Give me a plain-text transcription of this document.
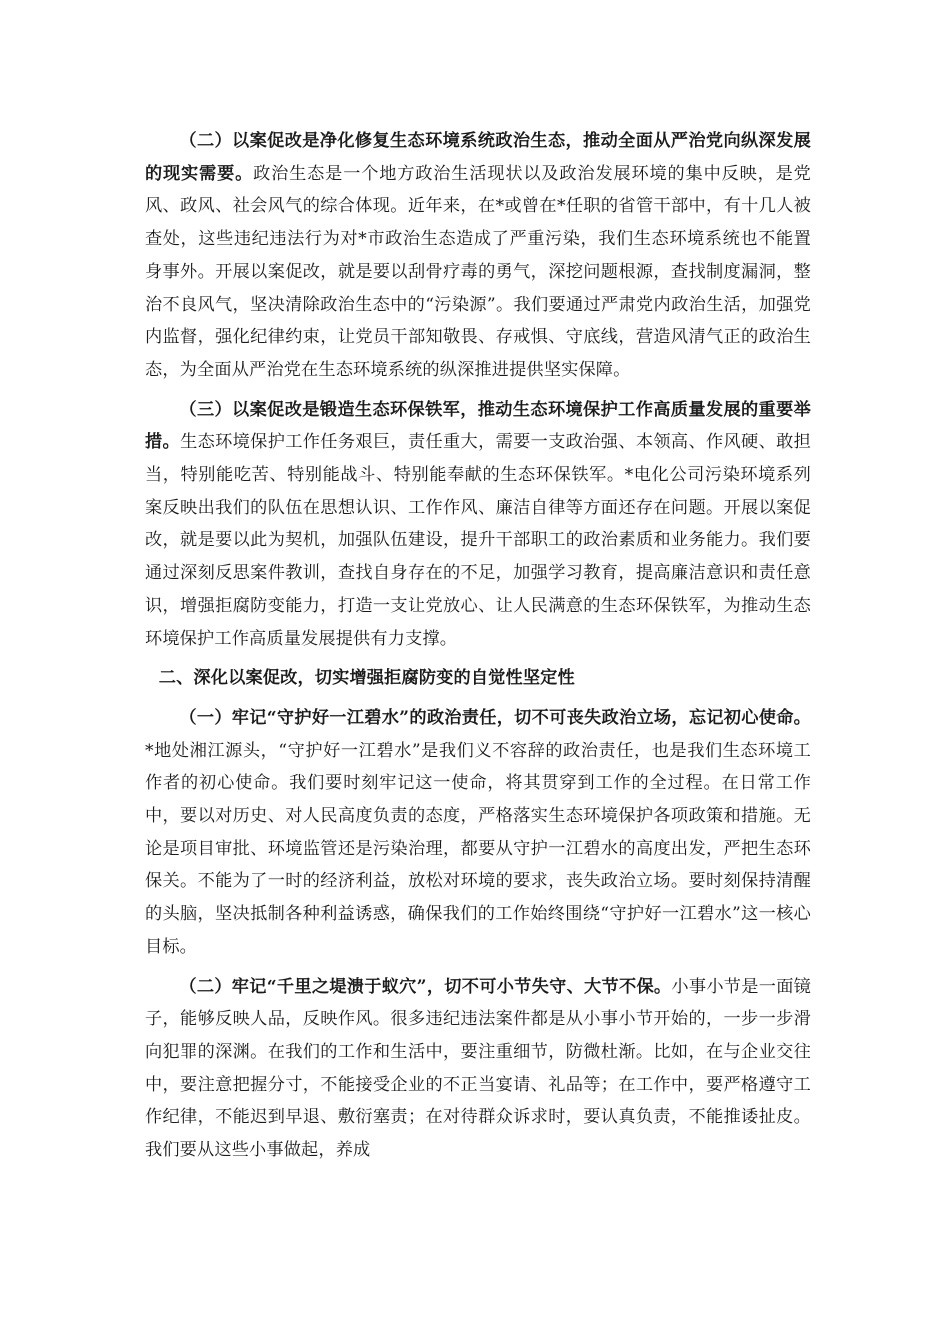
（二）以案促改是净化修复生态环境系统政治生态，推动全面从严治党向纵深发展的现实需要。政治生态是一个地方政治生活现状以及政治发展环境的集中反映，是党风、政风、社会风气的综合体现。近年来，在*或曾在*任职的省管干部中，有十几人被查处，这些违纪违法行为对*市政治生态造成了严重污染，我们生态环境系统也不能置身事外。开展以案促改，就是要以刮骨疗毒的勇气，深挖问题根源，查找制度漏洞，整治不良风气，坚决清除政治生态中的“污染源”。我们要通过严肃党内政治生活，加强党内监督，强化纪律约束，让党员干部知敬畏、存戒惧、守底线，营造风清气正的政治生态，为全面从严治党在生态环境系统的纵深推进提供坚实保障。

（三）以案促改是锻造生态环保铁军，推动生态环境保护工作高质量发展的重要举措。生态环境保护工作任务艰巨，责任重大，需要一支政治强、本领高、作风硬、敢担当，特别能吃苦、特别能战斗、特别能奉献的生态环保铁军。*电化公司污染环境系列案反映出我们的队伍在思想认识、工作作风、廉洁自律等方面还存在问题。开展以案促改，就是要以此为契机，加强队伍建设，提升干部职工的政治素质和业务能力。我们要通过深刻反思案件教训，查找自身存在的不足，加强学习教育，提高廉洁意识和责任意识，增强拒腐防变能力，打造一支让党放心、让人民满意的生态环保铁军，为推动生态环境保护工作高质量发展提供有力支撑。

二、深化以案促改，切实增强拒腐防变的自觉性坚定性

（一）牢记“守护好一江碧水”的政治责任，切不可丧失政治立场，忘记初心使命。*地处湘江源头，“守护好一江碧水”是我们义不容辞的政治责任，也是我们生态环境工作者的初心使命。我们要时刻牢记这一使命，将其贯穿到工作的全过程。在日常工作中，要以对历史、对人民高度负责的态度，严格落实生态环境保护各项政策和措施。无论是项目审批、环境监管还是污染治理，都要从守护一江碧水的高度出发，严把生态环保关。不能为了一时的经济利益，放松对环境的要求，丧失政治立场。要时刻保持清醒的头脑，坚决抵制各种利益诱惑，确保我们的工作始终围绕“守护好一江碧水”这一核心目标。

（二）牢记“千里之堤溃于蚁穴”，切不可小节失守、大节不保。小事小节是一面镜子，能够反映人品，反映作风。很多违纪违法案件都是从小事小节开始的，一步一步滑向犯罪的深渊。在我们的工作和生活中，要注重细节，防微杜渐。比如，在与企业交往中，要注意把握分寸，不能接受企业的不正当宴请、礼品等；在工作中，要严格遵守工作纪律，不能迟到早退、敷衍塞责；在对待群众诉求时，要认真负责，不能推诿扯皮。我们要从这些小事做起，养成
